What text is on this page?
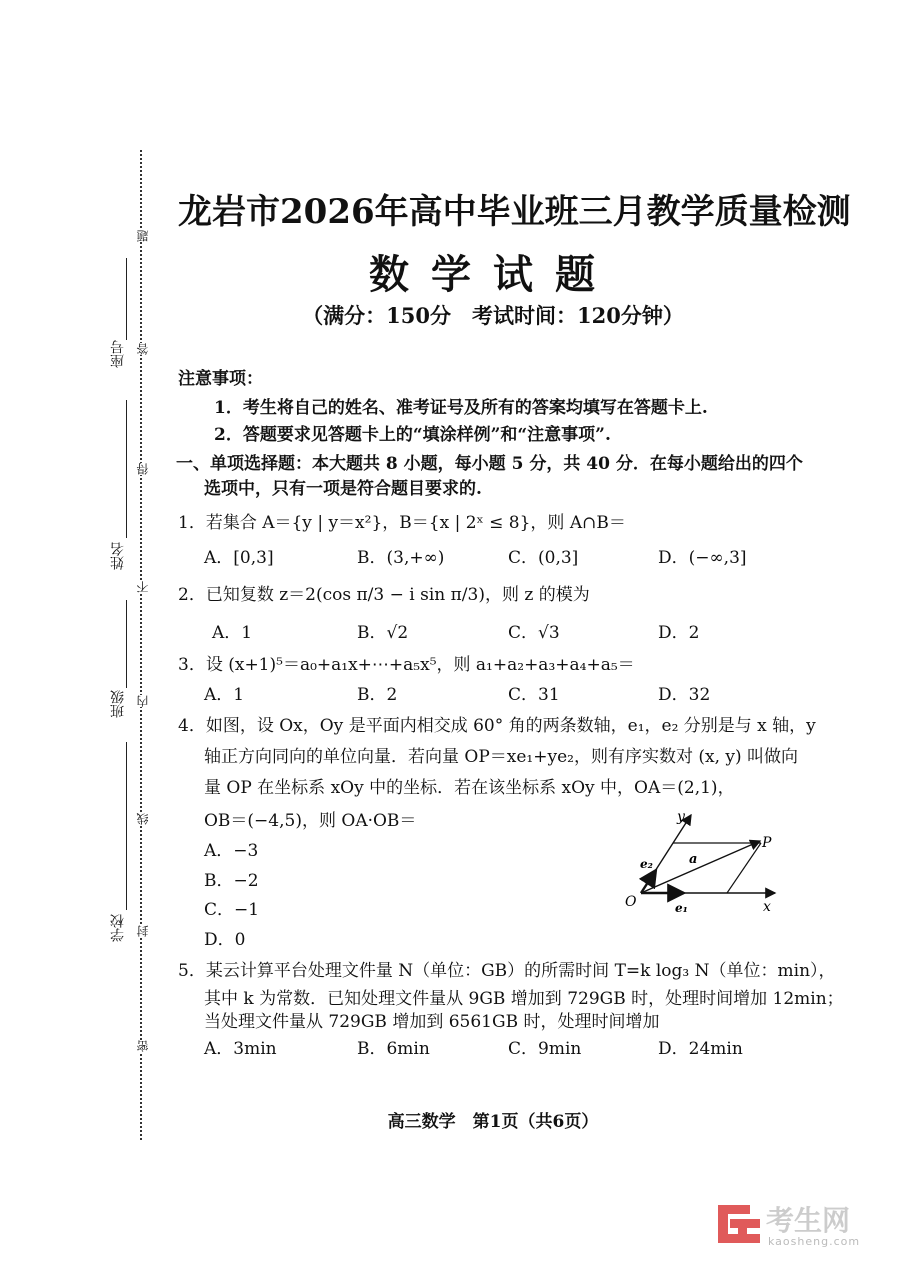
座号
姓名
班级
学校
题
答
得
不
内
线
封
密
龙岩市2026年高中毕业班三月教学质量检测
数学试题
（满分：150分　考试时间：120分钟）
注意事项：
1．考生将自己的姓名、准考证号及所有的答案均填写在答题卡上.
2．答题要求见答题卡上的“填涂样例”和“注意事项”.
一、单项选择题：本大题共 8 小题，每小题 5 分，共 40 分．在每小题给出的四个
选项中，只有一项是符合题目要求的.
1．若集合 A＝{y | y＝x²}，B＝{x | 2ˣ ≤ 8}，则 A∩B＝
A．[0,3]	B．(3,+∞)	C．(0,3]	D．(−∞,3]
2．已知复数 z＝2(cos π/3 − i sin π/3)，则 z 的模为
A．1	B．√2	C．√3	D．2
3．设 (x+1)⁵＝a₀+a₁x+⋯+a₅x⁵，则 a₁+a₂+a₃+a₄+a₅＝
A．1	B．2	C．31	D．32
4．如图，设 Ox，Oy 是平面内相交成 60° 角的两条数轴，e₁，e₂ 分别是与 x 轴，y
轴正方向同向的单位向量．若向量 OP＝xe₁+ye₂，则有序实数对 (x, y) 叫做向
量 OP 在坐标系 xOy 中的坐标．若在该坐标系 xOy 中，OA＝(2,1)，
OB＝(−4,5)，则 OA·OB＝
A．−3
B．−2
C．−1
D．0
y
P
e₂	a
O	e₁	x
5．某云计算平台处理文件量 N（单位：GB）的所需时间 T=k log₃ N（单位：min），
其中 k 为常数．已知处理文件量从 9GB 增加到 729GB 时，处理时间增加 12min；
当处理文件量从 729GB 增加到 6561GB 时，处理时间增加
A．3min	B．6min	C．9min	D．24min
高三数学　第1页（共6页）
考生网
kaosheng.com
